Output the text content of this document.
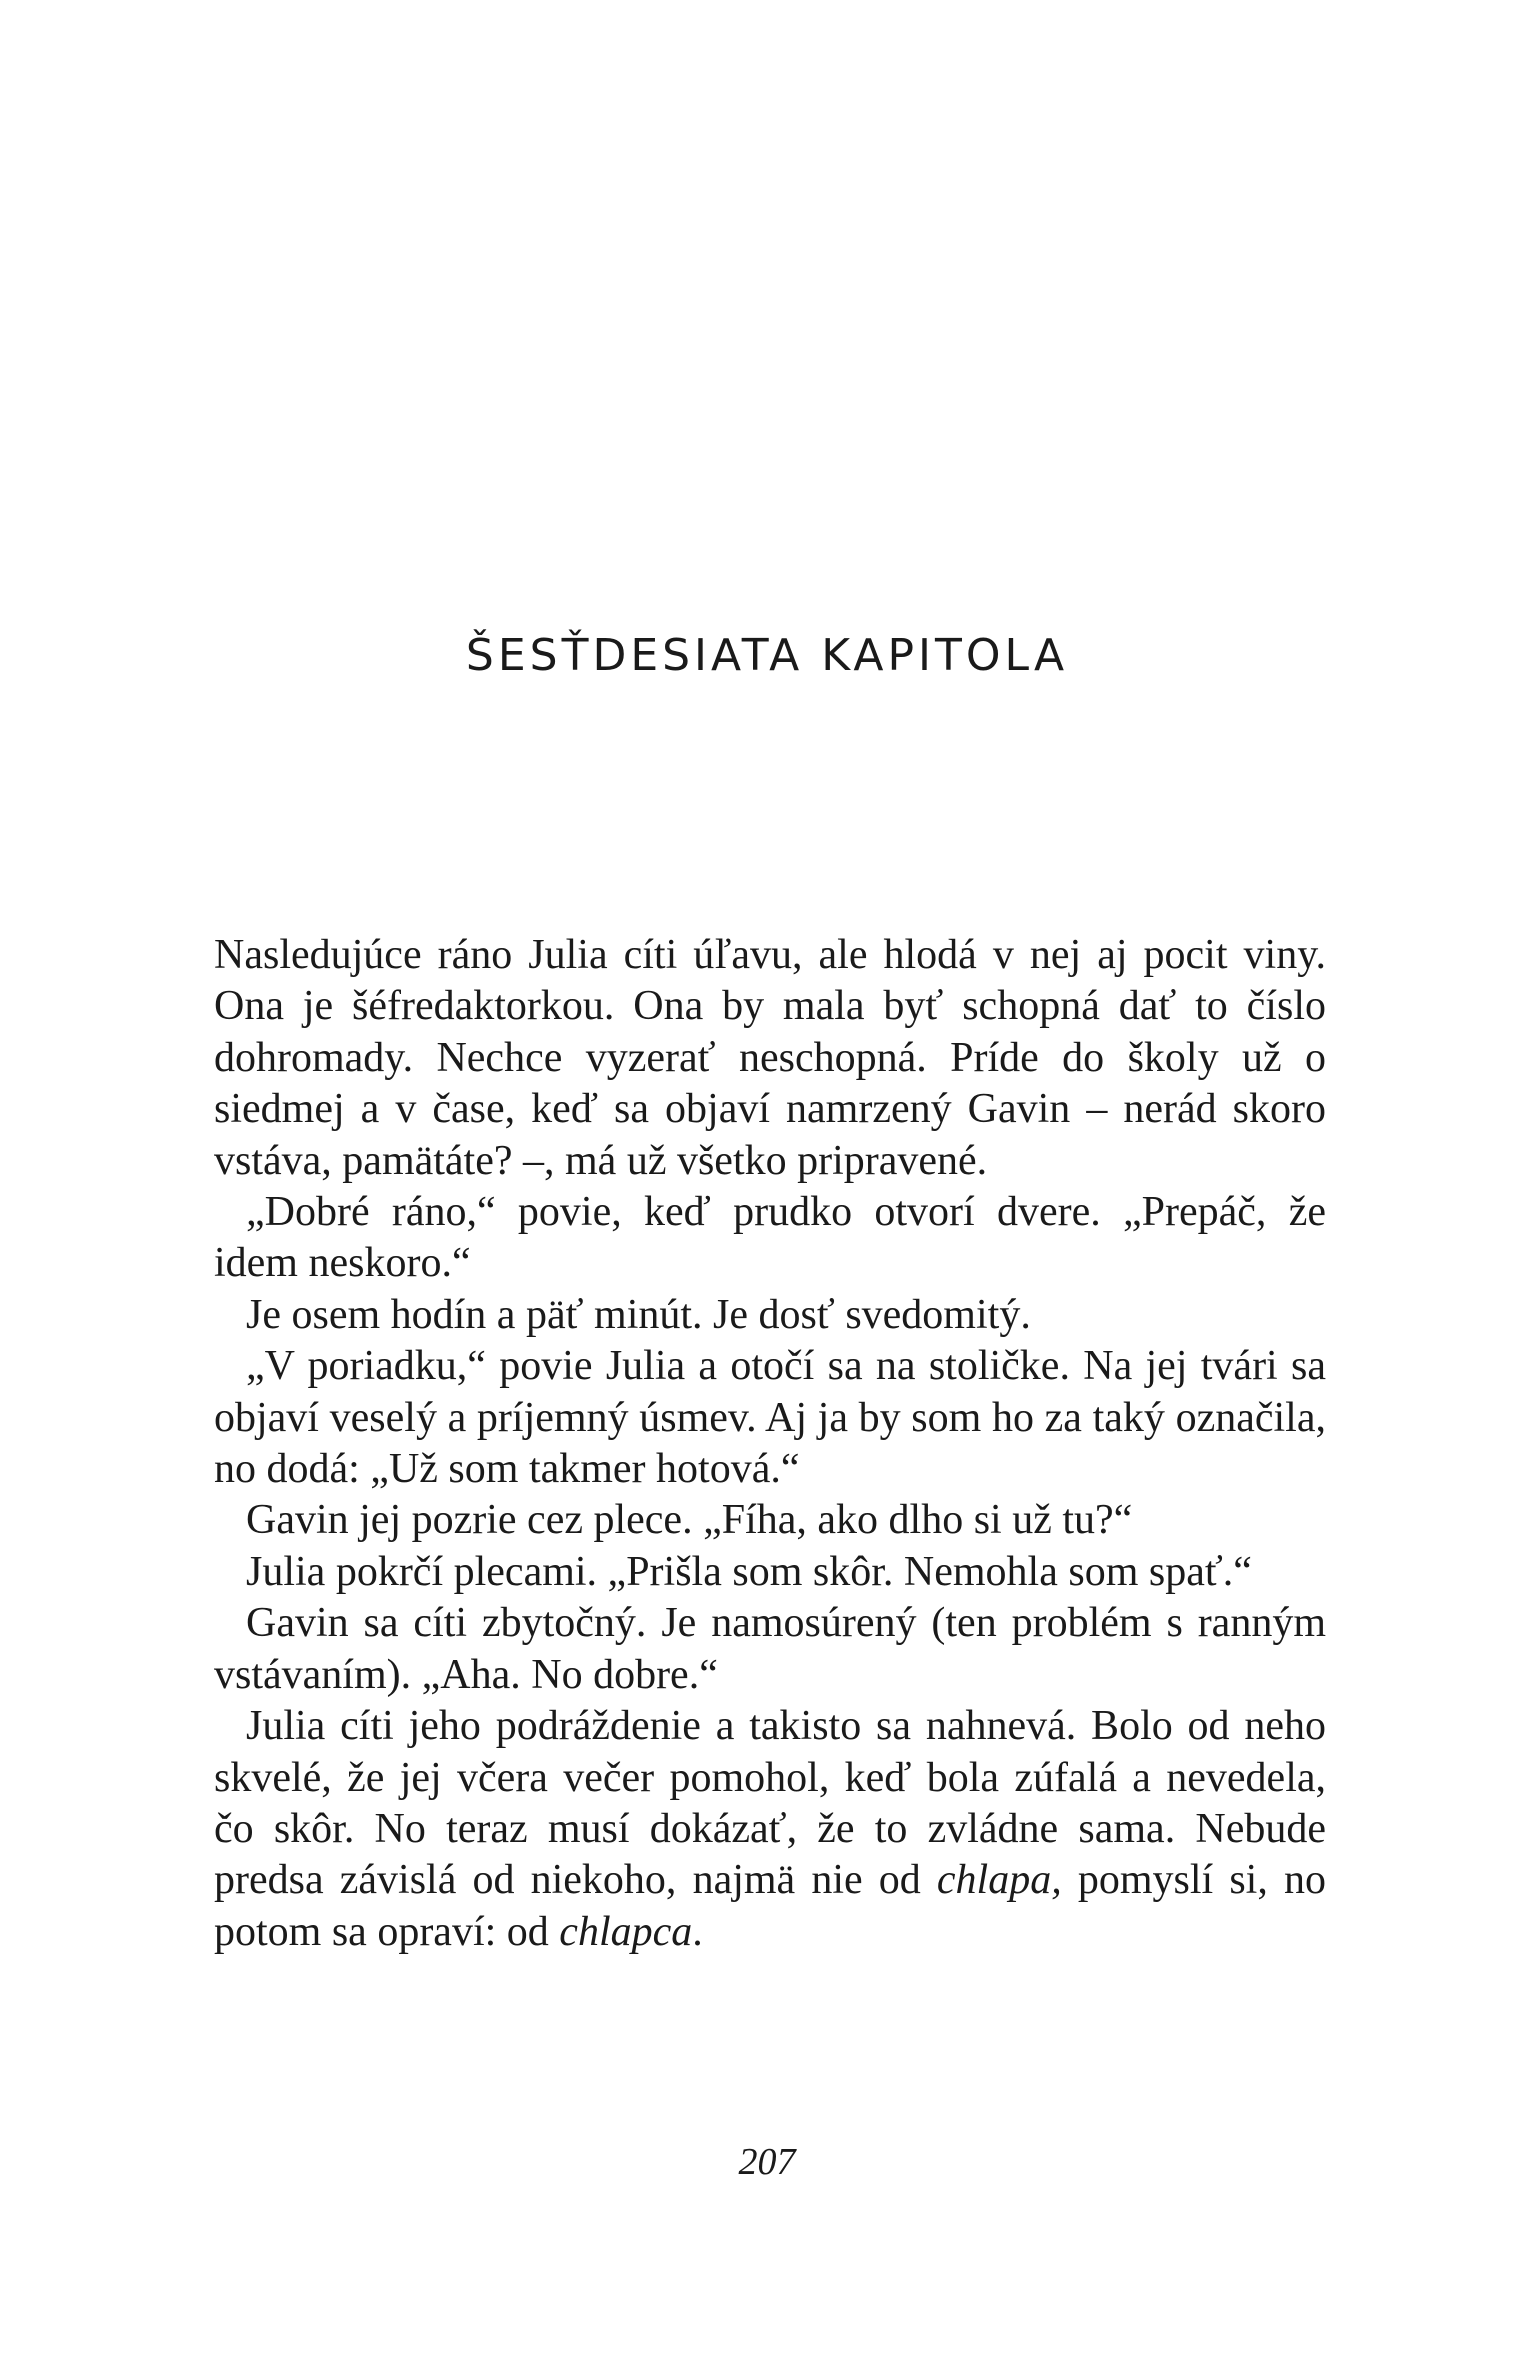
ŠESŤDESIATA KAPITOLA

Nasledujúce ráno Julia cíti úľavu, ale hlodá v nej aj pocit viny. Ona je šéfredaktorkou. Ona by mala byť schopná dať to číslo dohromady. Nechce vyzerať neschopná. Príde do školy už o siedmej a v čase, keď sa objaví namrzený Gavin – nerád skoro vstáva, pamätáte? –, má už všetko pripravené.

„Dobré ráno,“ povie, keď prudko otvorí dvere. „Prepáč, že idem neskoro.“

Je osem hodín a päť minút. Je dosť svedomitý.

„V poriadku,“ povie Julia a otočí sa na stoličke. Na jej tvári sa objaví veselý a príjemný úsmev. Aj ja by som ho za taký označila, no dodá: „Už som takmer hotová.“

Gavin jej pozrie cez plece. „Fíha, ako dlho si už tu?“

Julia pokrčí plecami. „Prišla som skôr. Nemohla som spať.“

Gavin sa cíti zbytočný. Je namosúrený (ten problém s ranným vstávaním). „Aha. No dobre.“

Julia cíti jeho podráždenie a takisto sa nahnevá. Bolo od neho skvelé, že jej včera večer pomohol, keď bola zúfalá a nevedela, čo skôr. No teraz musí dokázať, že to zvládne sama. Nebude predsa závislá od niekoho, najmä nie od chlapa, pomyslí si, no potom sa opraví: od chlapca.

207
